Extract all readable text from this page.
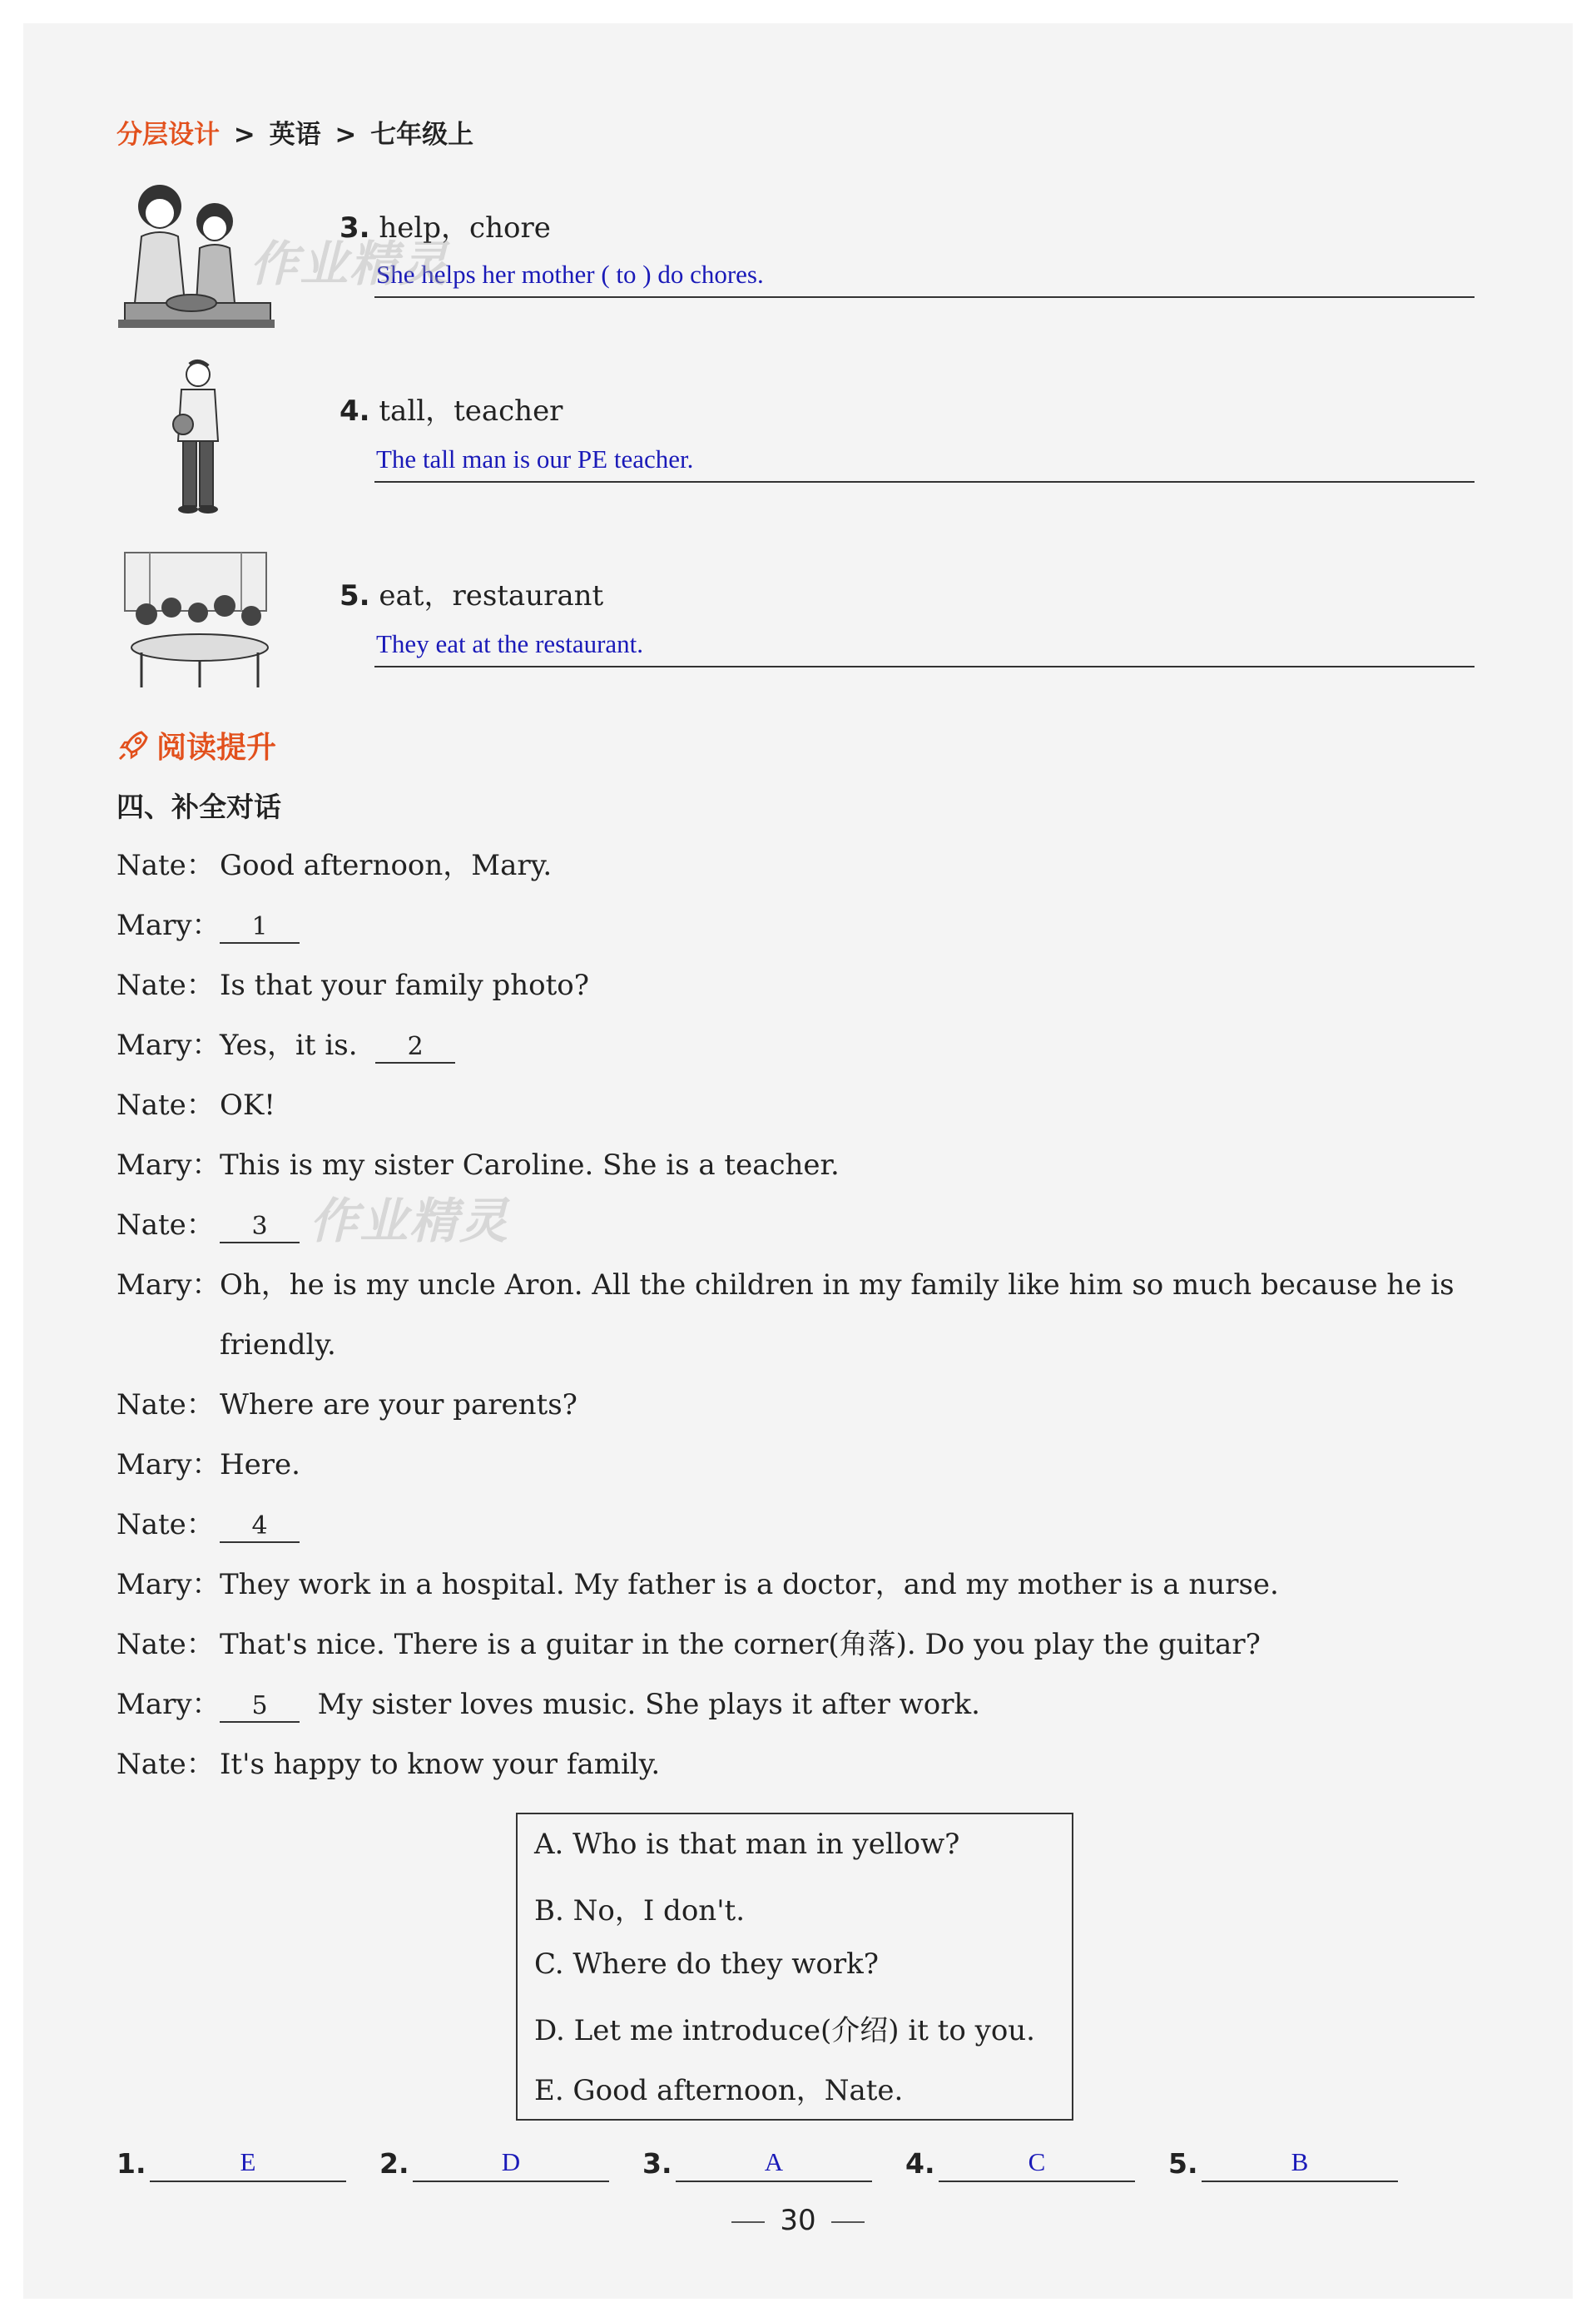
分层设计 > 英语 > 七年级上
3. help，chore
She helps her mother ( to ) do chores.
4. tall，teacher
The tall man is our PE teacher.
5. eat，restaurant
They eat at the restaurant.
阅读提升
四、补全对话
Nate： Good afternoon，Mary.
Mary： 1
Nate： Is that your family photo?
Mary：Yes，it is. 2
Nate： OK!
Mary：This is my sister Caroline. She is a teacher.
Nate： 3
Mary：Oh，he is my uncle Aron. All the children in my family like him so much because he is
friendly.
Nate： Where are your parents?
Mary：Here.
Nate： 4
Mary：They work in a hospital. My father is a doctor，and my mother is a nurse.
Nate： That's nice. There is a guitar in the corner(角落). Do you play the guitar?
Mary： 5 My sister loves music. She plays it after work.
Nate： It's happy to know your family.
A. Who is that man in yellow?
B. No，I don't.
C. Where do they work?
D. Let me introduce(介绍) it to you.
E. Good afternoon，Nate.
1.	E	2.	D	3.	A	4.	C	5.	B
30
作业精灵
作业精灵
